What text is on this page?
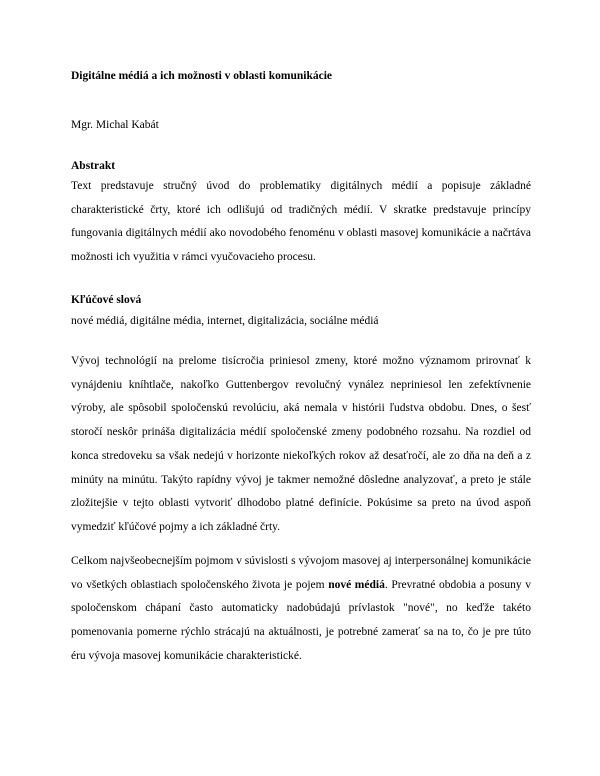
Digitálne médiá a ich možnosti v oblasti komunikácie
Mgr. Michal Kabát
Abstrakt
Text predstavuje stručný úvod do problematiky digitálnych médií a popisuje základné charakteristické črty, ktoré ich odlišujú od tradičných médií. V skratke predstavuje princípy fungovania digitálnych médií ako novodobého fenoménu v oblasti masovej komunikácie a načrtáva možnosti ich využitia v rámci vyučovacieho procesu.
Kľúčové slová
nové médiá, digitálne média, internet, digitalizácia, sociálne médiá
Vývoj technológií na prelome tisícročia priniesol zmeny, ktoré možno významom prirovnať k vynájdeniu kníhtlače, nakoľko Guttenbergov revolučný vynález nepriniesol len zefektívnenie výroby, ale spôsobil spoločenskú revolúciu, aká nemala v histórii ľudstva obdobu. Dnes, o šesť storočí neskôr prináša digitalizácia médií spoločenské zmeny podobného rozsahu. Na rozdiel od konca stredoveku sa však nedejú v horizonte niekoľkých rokov až desaťročí, ale zo dňa na deň a z minúty na minútu. Takýto rapídny vývoj je takmer nemožné dôsledne analyzovať, a preto je stále zložitejšie v tejto oblasti vytvoriť dlhodobo platné definície. Pokúsime sa preto na úvod aspoň vymedziť kľúčové pojmy a ich základné črty.
Celkom najvšeobecnejším pojmom v súvislosti s vývojom masovej aj interpersonálnej komunikácie vo všetkých oblastiach spoločenského života je pojem nové médiá. Prevratné obdobia a posuny v spoločenskom chápaní často automaticky nadobúdajú prívlastok "nové", no keďže takéto pomenovania pomerne rýchlo strácajú na aktuálnosti, je potrebné zamerať sa na to, čo je pre túto éru vývoja masovej komunikácie charakteristické.
